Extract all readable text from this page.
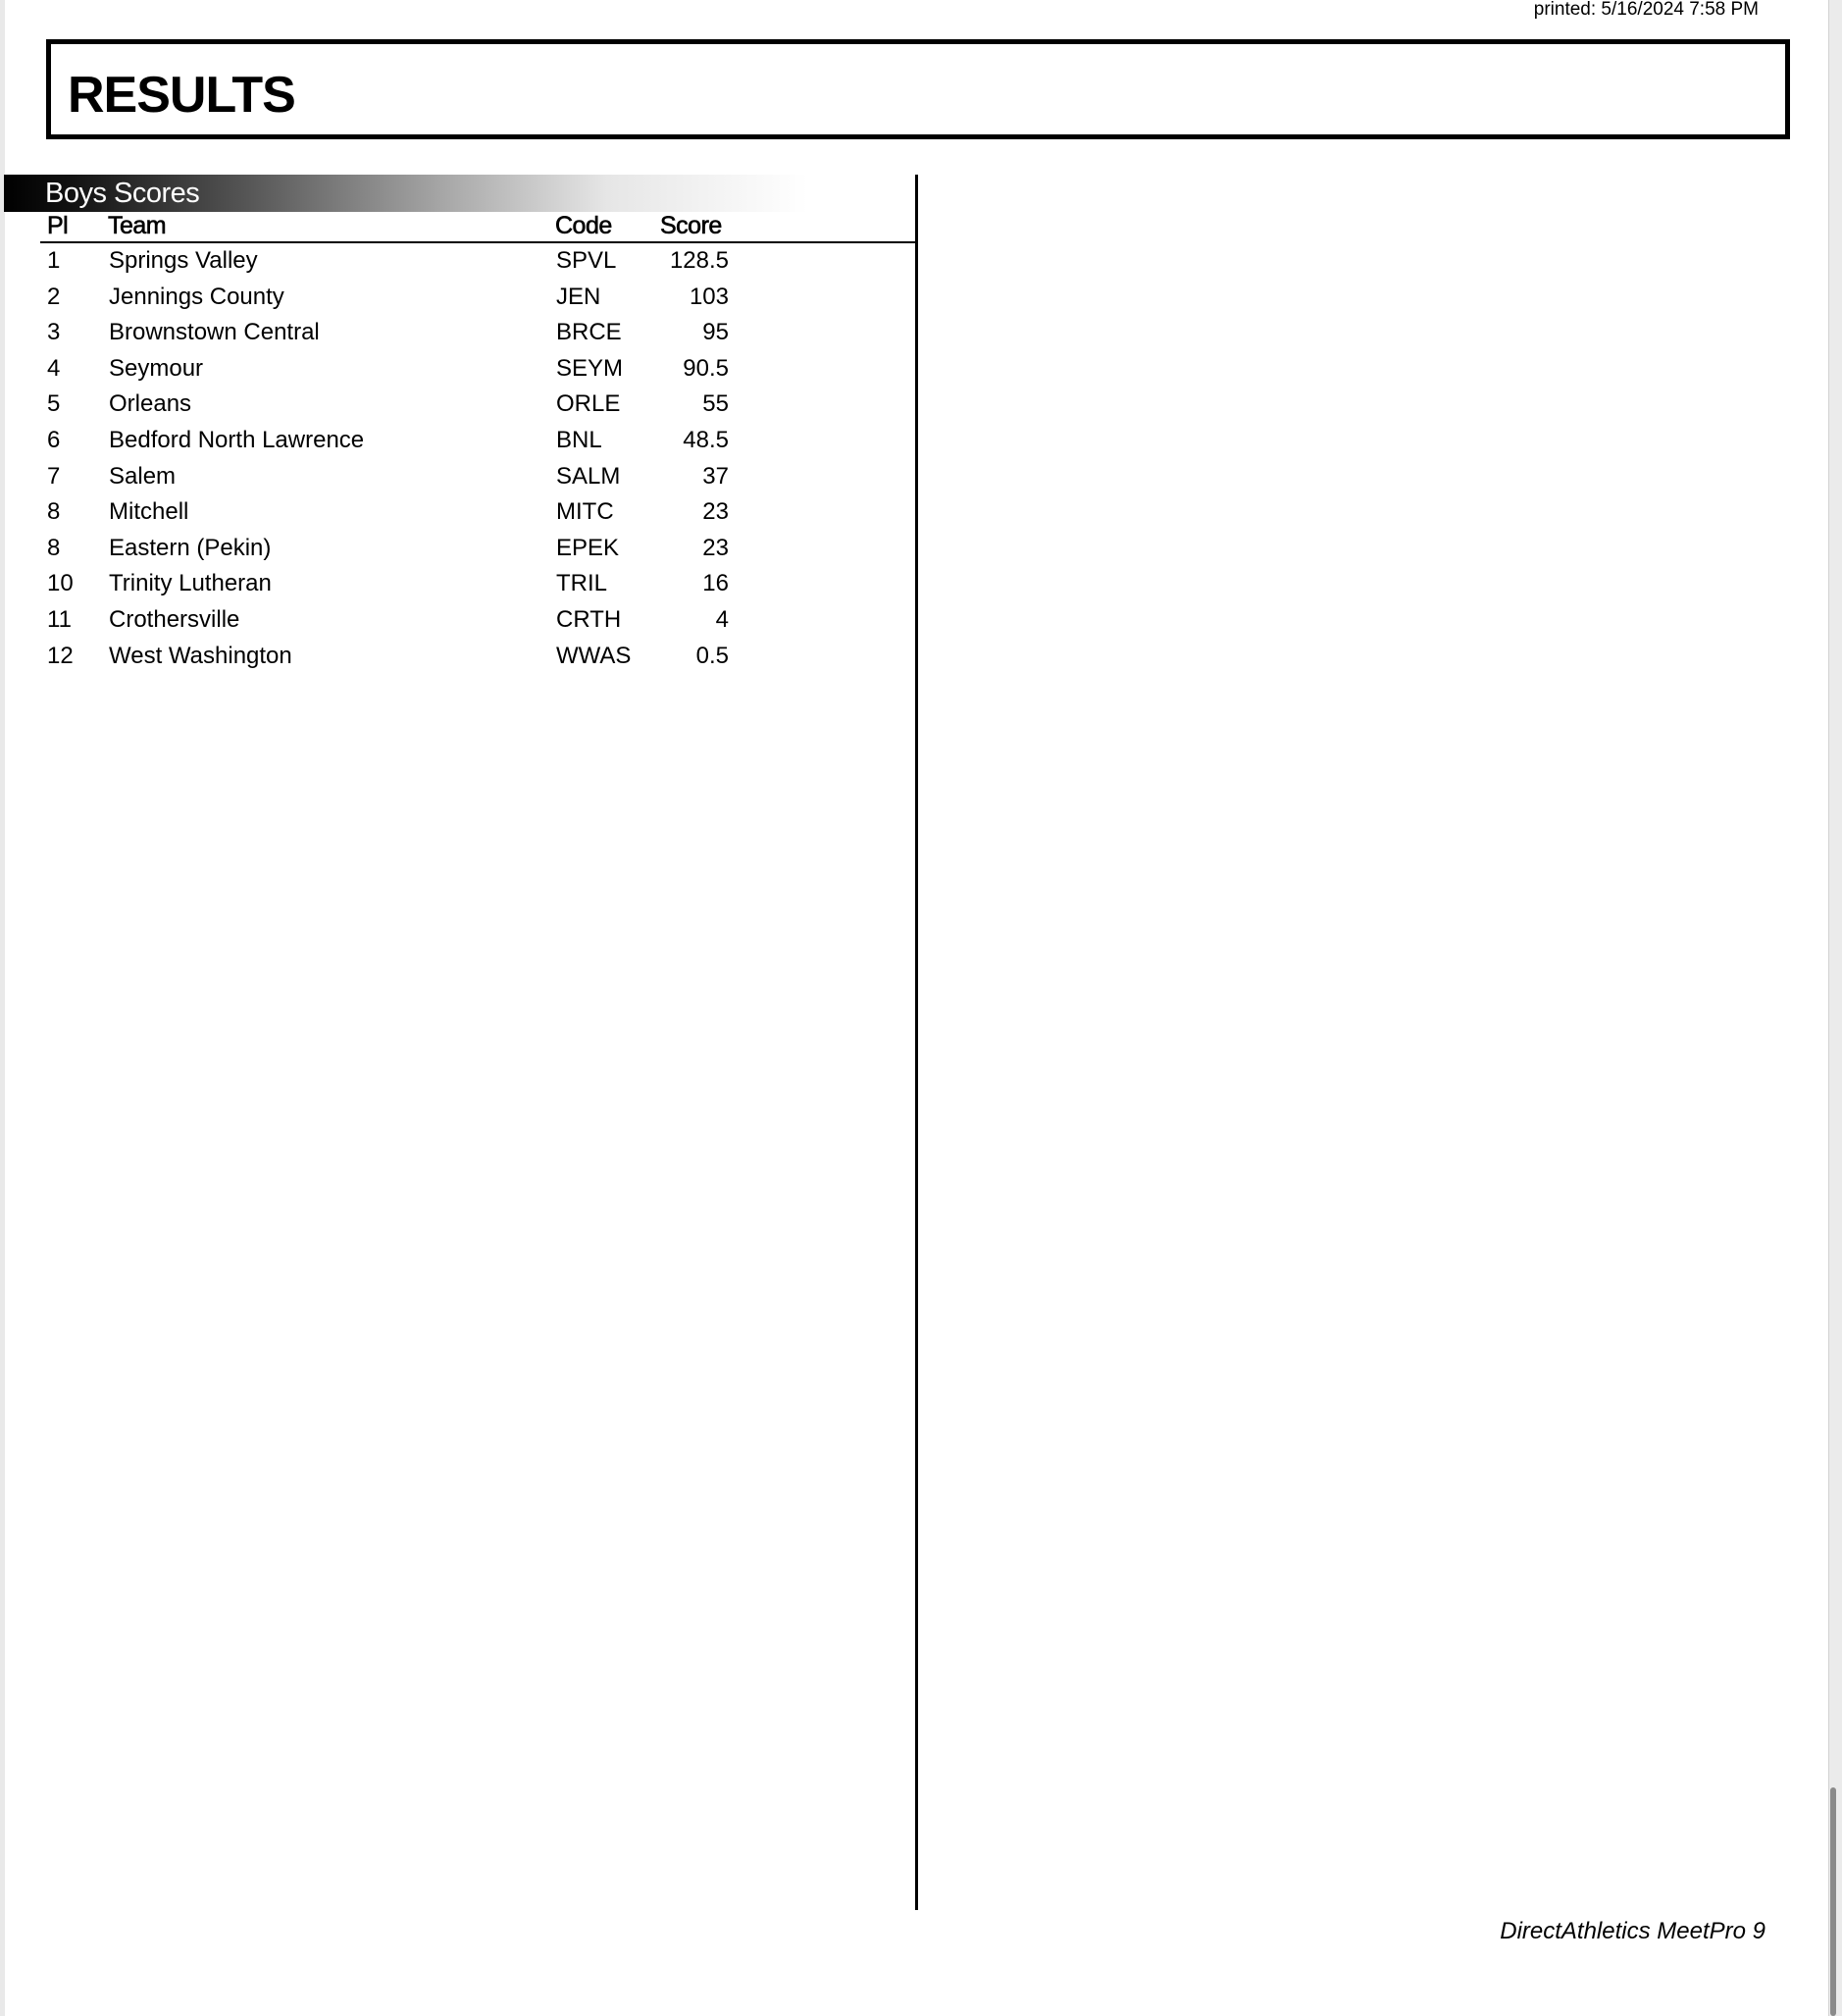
printed: 5/16/2024 7:58 PM
RESULTS
Boys Scores
Pl Team	Code Score
1 Springs Valley	SPVL	128.5
2 Jennings County	JEN	103
3 Brownstown Central	BRCE	95
4 Seymour	SEYM	90.5
5 Orleans	ORLE	55
6 Bedford North Lawrence	BNL	48.5
7 Salem	SALM	37
8 Mitchell	MITC	23
8 Eastern (Pekin)	EPEK	23
10 Trinity Lutheran	TRIL	16
11 Crothersville	CRTH	4
12 West Washington	WWAS	0.5
DirectAthletics MeetPro 9
